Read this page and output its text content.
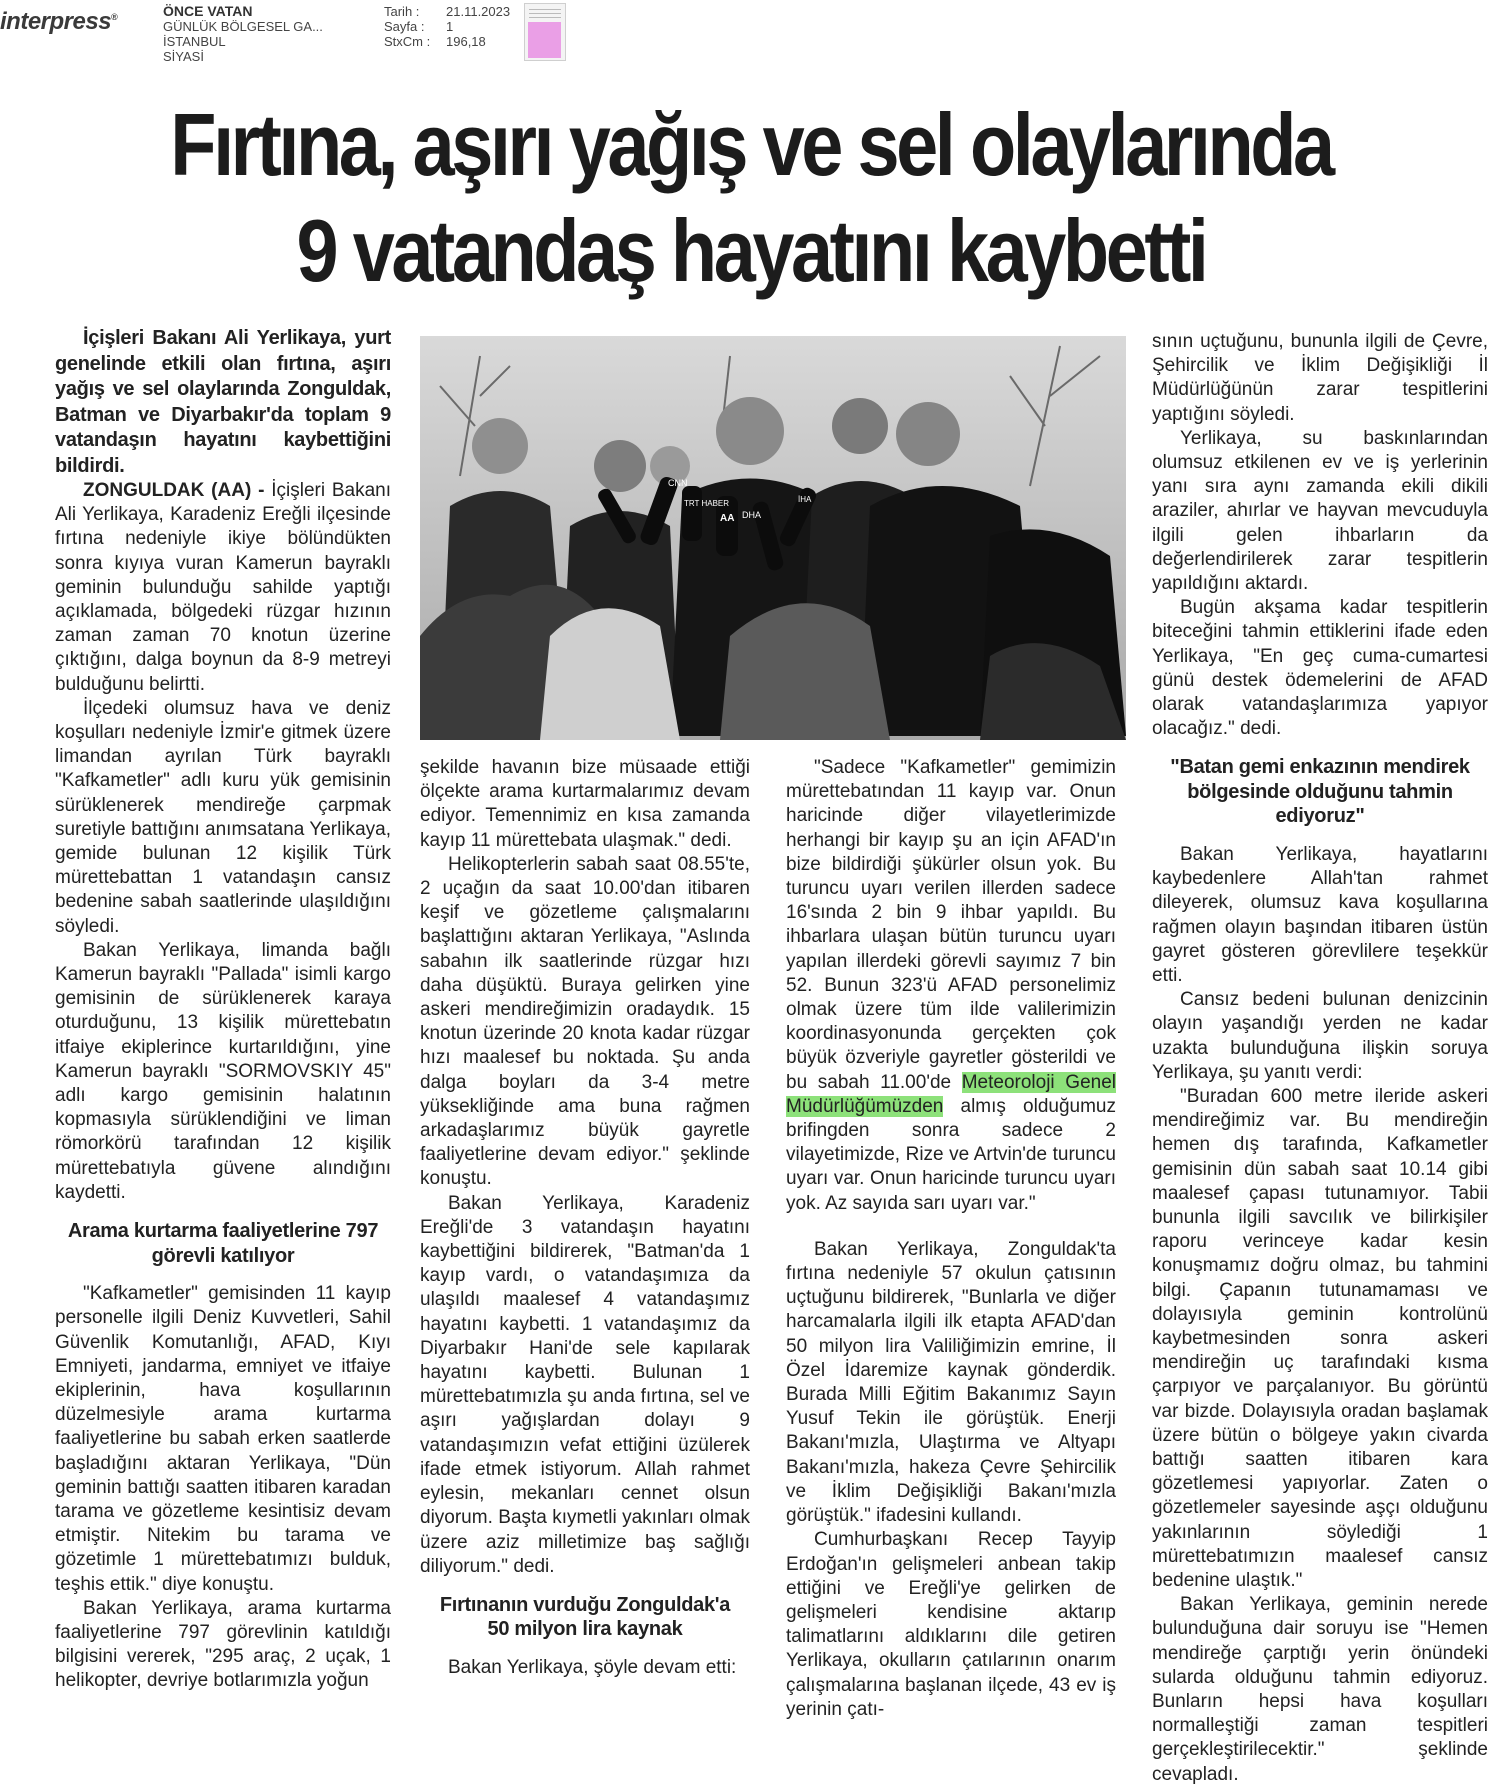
interpress®	ÖNCE VATAN
GÜNLÜK BÖLGESEL GA...
İSTANBUL
SİYASİ
Tarih :	21.11.2023
Sayfa :	1
StxCm :	196,18
Fırtına, aşırı yağış ve sel olaylarında
9 vatandaş hayatını kaybetti

İçişleri Bakanı Ali Yerlikaya, yurt genelinde etkili olan fırtına, aşırı yağış ve sel olaylarında Zonguldak, Batman ve Diyarbakır'da toplam 9 vatandaşın hayatını kaybettiğini bildirdi.

ZONGULDAK (AA) - İçişleri Bakanı Ali Yerlikaya, Karadeniz Ereğli ilçesinde fırtına nedeniyle ikiye bölündükten sonra kıyıya vuran Kamerun bayraklı geminin bulunduğu sahilde yaptığı açıklamada, bölgedeki rüzgar hızının zaman zaman 70 knotun üzerine çıktığını, dalga boynun da 8-9 metreyi bulduğunu belirtti.

İlçedeki olumsuz hava ve deniz koşulları nedeniyle İzmir'e gitmek üzere limandan ayrılan Türk bayraklı "Kafkametler" adlı kuru yük gemisinin sürüklenerek mendireğe çarpmak suretiyle battığını anımsatana Yerlikaya, gemide bulunan 12 kişilik Türk mürettebattan 1 vatandaşın cansız bedenine sabah saatlerinde ulaşıldığını söyledi.

Bakan Yerlikaya, limanda bağlı Kamerun bayraklı "Pallada" isimli kargo gemisinin de sürüklenerek karaya oturduğunu, 13 kişilik mürettebatın itfaiye ekiplerince kurtarıldığını, yine Kamerun bayraklı "SORMOVSKIY 45" adlı kargo gemisinin halatının kopmasıyla sürüklendiğini ve liman römorkörü tarafından 12 kişilik mürettebatıyla güvene alındığını kaydetti.

Arama kurtarma faaliyetlerine 797 görevli katılıyor

"Kafkametler" gemisinden 11 kayıp personelle ilgili Deniz Kuvvetleri, Sahil Güvenlik Komutanlığı, AFAD, Kıyı Emniyeti, jandarma, emniyet ve itfaiye ekiplerinin, hava koşullarının düzelmesiyle arama kurtarma faaliyetlerine bu sabah erken saatlerde başladığını aktaran Yerlikaya, "Dün geminin battığı saatten itibaren karadan tarama ve gözetleme kesintisiz devam etmiştir. Nitekim bu tarama ve gözetimle 1 mürettebatımızı bulduk, teşhis ettik." diye konuştu.

Bakan Yerlikaya, arama kurtarma faaliyetlerine 797 görevlinin katıldığı bilgisini vererek, "295 araç, 2 uçak, 1 helikopter, devriye botlarımızla yoğun

CNN
TRT HABER
AA DHA
İHA

şekilde havanın bize müsaade ettiği ölçekte arama kurtarmalarımız devam ediyor. Temennimiz en kısa zamanda kayıp 11 mürettebata ulaşmak." dedi.

Helikopterlerin sabah saat 08.55'te, 2 uçağın da saat 10.00'dan itibaren keşif ve gözetleme çalışmalarını başlattığını aktaran Yerlikaya, "Aslında sabahın ilk saatlerinde rüzgar hızı daha düşüktü. Buraya gelirken yine askeri mendireğimizin oradaydık. 15 knotun üzerinde 20 knota kadar rüzgar hızı maalesef bu noktada. Şu anda dalga boyları da 3-4 metre yüksekliğinde ama buna rağmen arkadaşlarımız büyük gayretle faaliyetlerine devam ediyor." şeklinde konuştu.

Bakan Yerlikaya, Karadeniz Ereğli'de 3 vatandaşın hayatını kaybettiğini bildirerek, "Batman'da 1 kayıp vardı, o vatandaşımıza da ulaşıldı maalesef 4 vatandaşımız hayatını kaybetti. 1 vatandaşımız da Diyarbakır Hani'de sele kapılarak hayatını kaybetti. Bulunan 1 mürettebatımızla şu anda fırtına, sel ve aşırı yağışlardan dolayı 9 vatandaşımızın vefat ettiğini üzülerek ifade etmek istiyorum. Allah rahmet eylesin, mekanları cennet olsun diyorum. Başta kıymetli yakınları olmak üzere aziz milletimize baş sağlığı diliyorum." dedi.

Fırtınanın vurduğu Zonguldak'a 50 milyon lira kaynak

Bakan Yerlikaya, şöyle devam etti:

"Sadece "Kafkametler" gemimizin mürettebatından 11 kayıp var. Onun haricinde diğer vilayetlerimizde herhangi bir kayıp şu an için AFAD'ın bize bildirdiği şükürler olsun yok. Bu turuncu uyarı verilen illerden sadece 16'sında 2 bin 9 ihbar yapıldı. Bu ihbarlara ulaşan bütün turuncu uyarı yapılan illerdeki görevli sayımız 7 bin 52. Bunun 323'ü AFAD personelimiz olmak üzere tüm ilde valilerimizin koordinasyonunda gerçekten çok büyük özveriyle gayretler gösterildi ve bu sabah 11.00'de Meteoroloji Genel Müdürlüğümüzden almış olduğumuz brifingden sonra sadece 2 vilayetimizde, Rize ve Artvin'de turuncu uyarı var. Onun haricinde turuncu uyarı yok. Az sayıda sarı uyarı var."

Bakan Yerlikaya, Zonguldak'ta fırtına nedeniyle 57 okulun çatısının uçtuğunu bildirerek, "Bunlarla ve diğer harcamalarla ilgili ilk etapta AFAD'dan 50 milyon lira Valiliğimizin emrine, İl Özel İdaremize kaynak gönderdik. Burada Milli Eğitim Bakanımız Sayın Yusuf Tekin ile görüştük. Enerji Bakanı'mızla, Ulaştırma ve Altyapı Bakanı'mızla, hakeza Çevre Şehircilik ve İklim Değişikliği Bakanı'mızla görüştük." ifadesini kullandı.

Cumhurbaşkanı Recep Tayyip Erdoğan'ın gelişmeleri anbean takip ettiğini ve Ereğli'ye gelirken de gelişmeleri kendisine aktarıp talimatlarını aldıklarını dile getiren Yerlikaya, okulların çatılarının onarım çalışmalarına başlanan ilçede, 43 ev iş yerinin çatı-

sının uçtuğunu, bununla ilgili de Çevre, Şehircilik ve İklim Değişikliği İl Müdürlüğünün zarar tespitlerini yaptığını söyledi.

Yerlikaya, su baskınlarından olumsuz etkilenen ev ve iş yerlerinin yanı sıra aynı zamanda ekili dikili araziler, ahırlar ve hayvan mevcuduyla ilgili gelen ihbarların da değerlendirilerek zarar tespitlerin yapıldığını aktardı.

Bugün akşama kadar tespitlerin biteceğini tahmin ettiklerini ifade eden Yerlikaya, "En geç cuma-cumartesi günü destek ödemelerini de AFAD olarak vatandaşlarımıza yapıyor olacağız." dedi.

"Batan gemi enkazının mendirek bölgesinde olduğunu tahmin ediyoruz"

Bakan Yerlikaya, hayatlarını kaybedenlere Allah'tan rahmet dileyerek, olumsuz kava koşullarına rağmen olayın başından itibaren üstün gayret gösteren görevlilere teşekkür etti.

Cansız bedeni bulunan denizcinin olayın yaşandığı yerden ne kadar uzakta bulunduğuna ilişkin soruya Yerlikaya, şu yanıtı verdi:

"Buradan 600 metre ileride askeri mendireğimiz var. Bu mendireğin hemen dış tarafında, Kafkametler gemisinin dün sabah saat 10.14 gibi maalesef çapası tutunamıyor. Tabii bununla ilgili savcılık ve bilirkişiler raporu verinceye kadar kesin konuşmamız doğru olmaz, bu tahmini bilgi. Çapanın tutunamaması ve dolayısıyla geminin kontrolünü kaybetmesinden sonra askeri mendireğin uç tarafındaki kısma çarpıyor ve parçalanıyor. Bu görüntü var bizde. Dolayısıyla oradan başlamak üzere bütün o bölgeye yakın civarda battığı saatten itibaren kara gözetlemesi yapıyorlar. Zaten o gözetlemeler sayesinde aşçı olduğunu yakınlarının söylediği 1 mürettebatımızın maalesef cansız bedenine ulaştık."

Bakan Yerlikaya, geminin nerede bulunduğuna dair soruyu ise "Hemen mendireğe çarptığı yerin önündeki sularda olduğunu tahmin ediyoruz. Bunların hepsi hava koşulları normalleştiği zaman tespitleri gerçekleştirilecektir." şeklinde cevapladı.
